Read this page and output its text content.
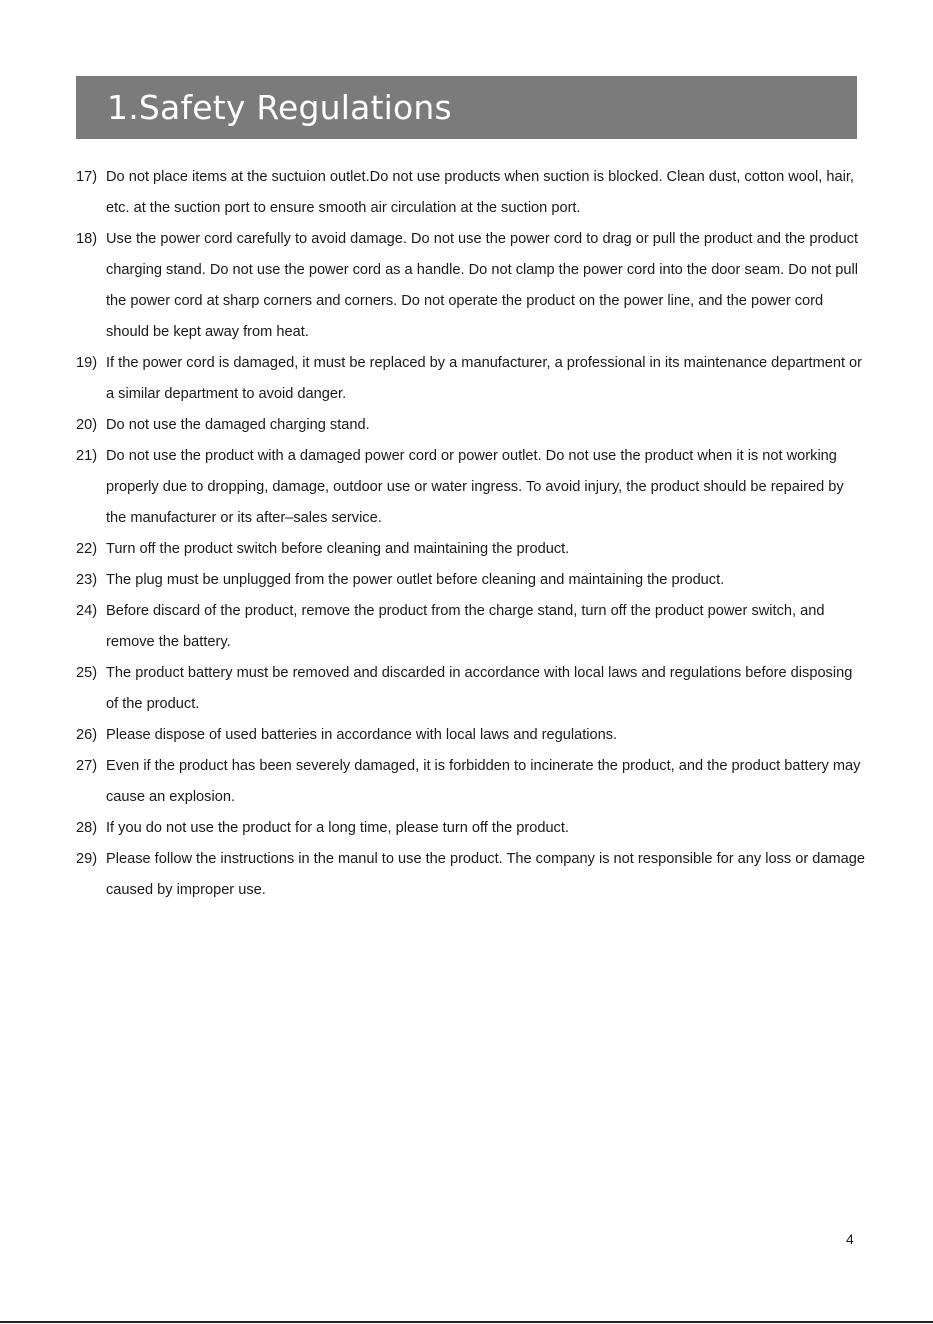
1.Safety Regulations
17) Do not place items at the suctuion outlet.Do not use products when suction is blocked. Clean dust, cotton wool, hair, etc. at the suction port to ensure smooth air circulation at the suction port.
18) Use the power cord carefully to avoid damage. Do not use the power cord to drag or pull the product and the product charging stand. Do not use the power cord as a handle. Do not clamp the power cord into the door seam. Do not pull the power cord at sharp corners and corners. Do not operate the product on the power line, and the power cord should be kept away from heat.
19) If the power cord is damaged, it must be replaced by a manufacturer, a professional in its maintenance department or a similar department to avoid danger.
20) Do not use the damaged charging stand.
21) Do not use the product with a damaged power cord or power outlet. Do not use the product when it is not working properly due to dropping, damage, outdoor use or water ingress. To avoid injury, the product should be repaired by the manufacturer or its after–sales service.
22) Turn off the product switch before cleaning and maintaining the product.
23) The plug must be unplugged from the power outlet before cleaning and maintaining the product.
24) Before discard of the product, remove the product from the charge stand, turn off the product power switch, and remove the battery.
25) The product battery must be removed and discarded in accordance with local laws and regulations before disposing of the product.
26) Please dispose of used batteries in accordance with local laws and regulations.
27) Even if the product has been severely damaged, it is forbidden to incinerate the product, and the product battery may cause an explosion.
28) If you do not use the product for a long time, please turn off the product.
29) Please follow the instructions in the manul to use the product. The company is not responsible for any loss or damage caused by improper use.
4
